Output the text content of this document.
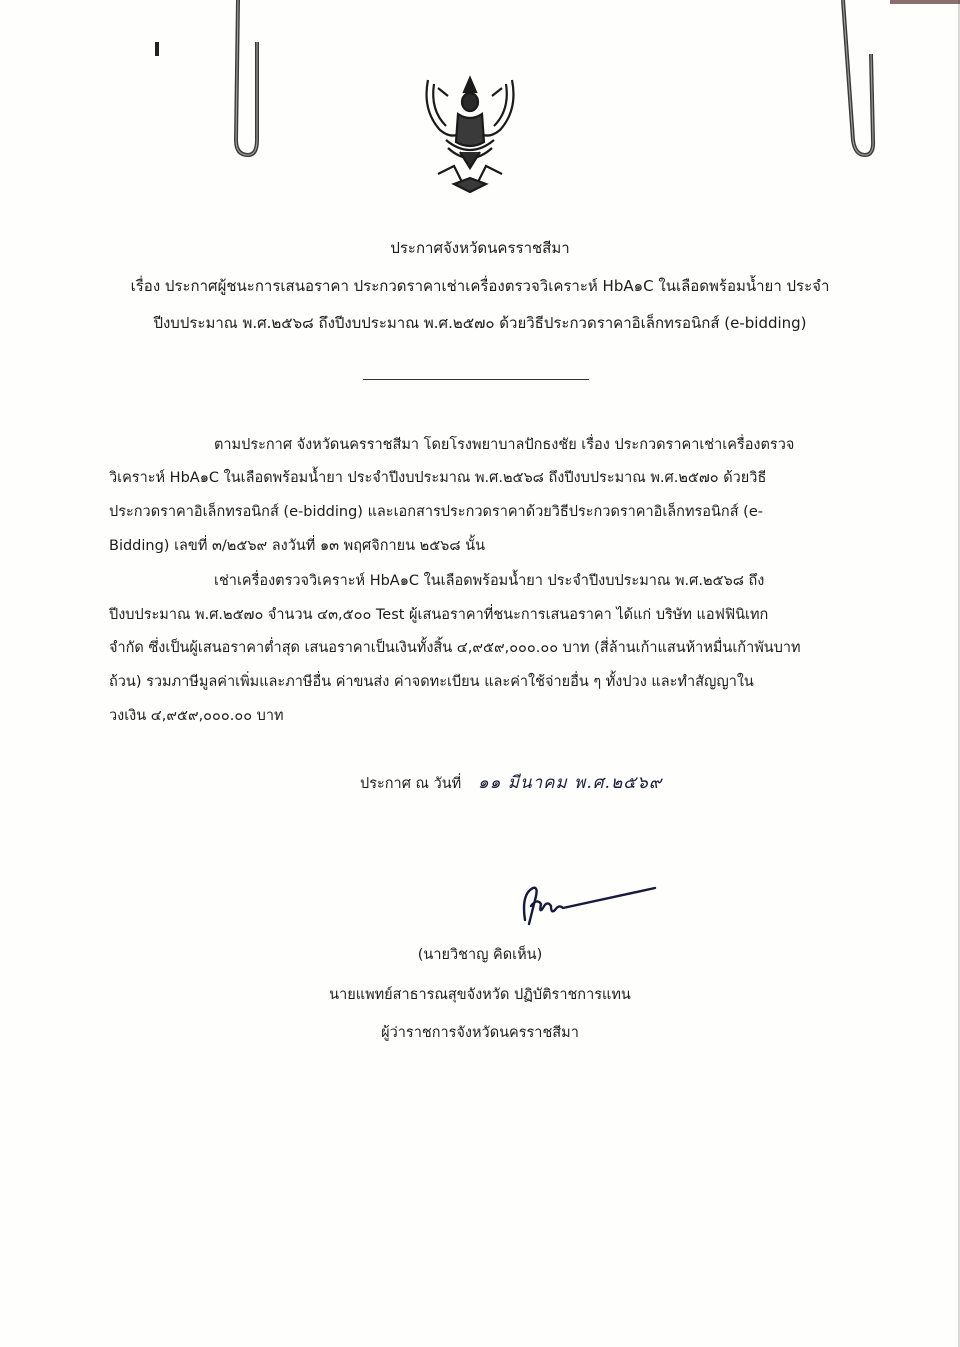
ประกาศจังหวัดนครราชสีมา
เรื่อง ประกาศผู้ชนะการเสนอราคา ประกวดราคาเช่าเครื่องตรวจวิเคราะห์ HbA๑C ในเลือดพร้อมน้ำยา ประจำ
ปีงบประมาณ พ.ศ.๒๕๖๘ ถึงปีงบประมาณ พ.ศ.๒๕๗๐ ด้วยวิธีประกวดราคาอิเล็กทรอนิกส์ (e-bidding)
ตามประกาศ จังหวัดนครราชสีมา โดยโรงพยาบาลปักธงชัย เรื่อง ประกวดราคาเช่าเครื่องตรวจ
วิเคราะห์ HbA๑C ในเลือดพร้อมน้ำยา ประจำปีงบประมาณ พ.ศ.๒๕๖๘ ถึงปีงบประมาณ พ.ศ.๒๕๗๐ ด้วยวิธี
ประกวดราคาอิเล็กทรอนิกส์ (e-bidding) และเอกสารประกวดราคาด้วยวิธีประกวดราคาอิเล็กทรอนิกส์ (e-
Bidding) เลขที่ ๓/๒๕๖๙ ลงวันที่ ๑๓ พฤศจิกายน ๒๕๖๘ นั้น
เช่าเครื่องตรวจวิเคราะห์ HbA๑C ในเลือดพร้อมน้ำยา ประจำปีงบประมาณ พ.ศ.๒๕๖๘ ถึง
ปีงบประมาณ พ.ศ.๒๕๗๐ จำนวน ๔๓,๕๐๐ Test ผู้เสนอราคาที่ชนะการเสนอราคา ได้แก่ บริษัท แอฟฟินิเทก
จำกัด ซึ่งเป็นผู้เสนอราคาต่ำสุด เสนอราคาเป็นเงินทั้งสิ้น ๔,๙๕๙,๐๐๐.๐๐ บาท (สี่ล้านเก้าแสนห้าหมื่นเก้าพันบาท
ถ้วน) รวมภาษีมูลค่าเพิ่มและภาษีอื่น ค่าขนส่ง ค่าจดทะเบียน และค่าใช้จ่ายอื่น ๆ ทั้งปวง และทำสัญญาใน
วงเงิน ๔,๙๕๙,๐๐๐.๐๐ บาท
ประกาศ ณ วันที่ ๑๑ มีนาคม พ.ศ.๒๕๖๙
(นายวิชาญ คิดเห็น)
นายแพทย์สาธารณสุขจังหวัด ปฏิบัติราชการแทน
ผู้ว่าราชการจังหวัดนครราชสีมา
